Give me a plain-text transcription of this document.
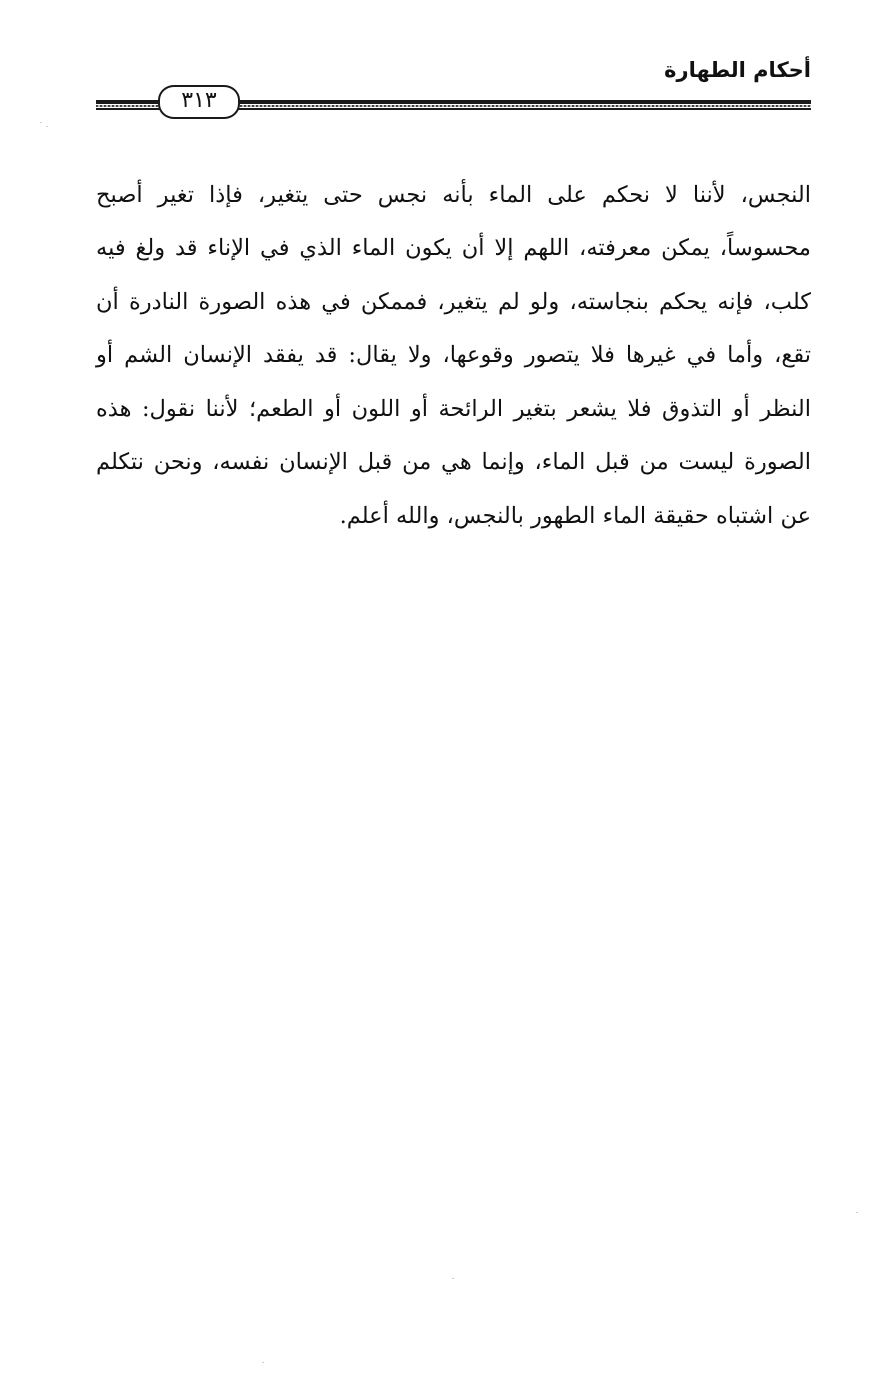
أحكام الطهارة
٣١٣

النجس، لأننا لا نحكم على الماء بأنه نجس حتى يتغير، فإذا تغير أصبح محسوساً، يمكن معرفته، اللهم إلا أن يكون الماء الذي في الإناء قد ولغ فيه كلب، فإنه يحكم بنجاسته، ولو لم يتغير، فممكن في هذه الصورة النادرة أن تقع، وأما في غيرها فلا يتصور وقوعها، ولا يقال: قد يفقد الإنسان الشم أو النظر أو التذوق فلا يشعر بتغير الرائحة أو اللون أو الطعم؛ لأننا نقول: هذه الصورة ليست من قبل الماء، وإنما هي من قبل الإنسان نفسه، ونحن نتكلم عن اشتباه حقيقة الماء الطهور بالنجس، والله أعلم.
